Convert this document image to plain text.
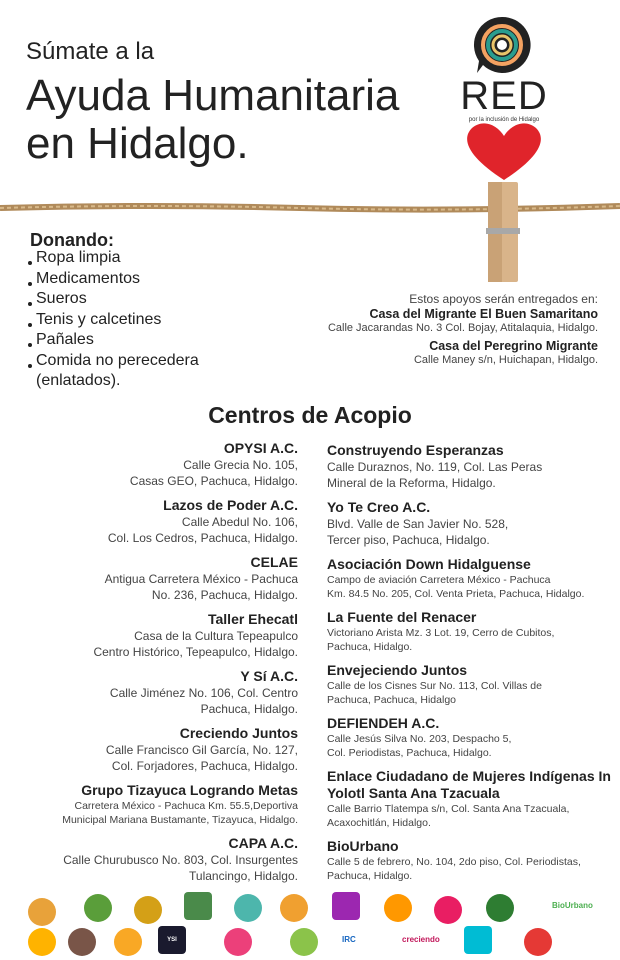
Súmate a la
Ayuda Humanitaria en Hidalgo.
RED
por la inclusión de Hidalgo
Donando:
Ropa limpia
Medicamentos
Sueros
Tenis y calcetines
Pañales
Comida no perecedera (enlatados).
Estos apoyos serán entregados en:
Casa del Migrante El Buen Samaritano
Calle Jacarandas No. 3 Col. Bojay, Atitalaquia, Hidalgo.
Casa del Peregrino Migrante
Calle Maney s/n, Huichapan, Hidalgo.
Centros de Acopio
OPYSI A.C.
Calle Grecia No. 105,
Casas GEO, Pachuca, Hidalgo.
Lazos de Poder A.C.
Calle Abedul No. 106,
Col. Los Cedros, Pachuca, Hidalgo.
CELAE
Antigua Carretera México - Pachuca
No. 236, Pachuca, Hidalgo.
Taller Ehecatl
Casa de la Cultura Tepeapulco
Centro Histórico, Tepeapulco, Hidalgo.
Y Sí A.C.
Calle Jiménez No. 106, Col. Centro
Pachuca, Hidalgo.
Creciendo Juntos
Calle Francisco Gil García, No. 127,
Col. Forjadores, Pachuca, Hidalgo.
Grupo Tizayuca Logrando Metas
Carretera México - Pachuca Km. 55.5,Deportiva
Municipal Mariana Bustamante, Tizayuca, Hidalgo.
CAPA A.C.
Calle Churubusco No. 803, Col. Insurgentes
Tulancingo, Hidalgo.
Construyendo Esperanzas
Calle Duraznos, No. 119, Col. Las Peras
Mineral de la Reforma, Hidalgo.
Yo Te Creo A.C.
Blvd. Valle de San Javier No. 528,
Tercer piso, Pachuca, Hidalgo.
Asociación Down Hidalguense
Campo de aviación Carretera México - Pachuca
Km. 84.5 No. 205, Col. Venta Prieta, Pachuca, Hidalgo.
La Fuente del Renacer
Victoriano Arista Mz. 3 Lot. 19, Cerro de Cubitos,
Pachuca, Hidalgo.
Envejeciendo Juntos
Calle de los Cisnes Sur No. 113, Col. Villas de
Pachuca, Pachuca, Hidalgo
DEFIENDEH A.C.
Calle Jesús Silva No. 203, Despacho 5,
Col. Periodistas, Pachuca, Hidalgo.
Enlace Ciudadano de Mujeres Indígenas In Yolotl Santa Ana Tzacuala
Calle Barrio Tlatempa s/n, Col. Santa Ana Tzacuala,
Acaxochitlán, Hidalgo.
BioUrbano
Calle 5 de febrero, No. 104, 2do piso, Col. Periodistas,
Pachuca, Hidalgo.
BioUrbano
YSI	IRC	creciendo
